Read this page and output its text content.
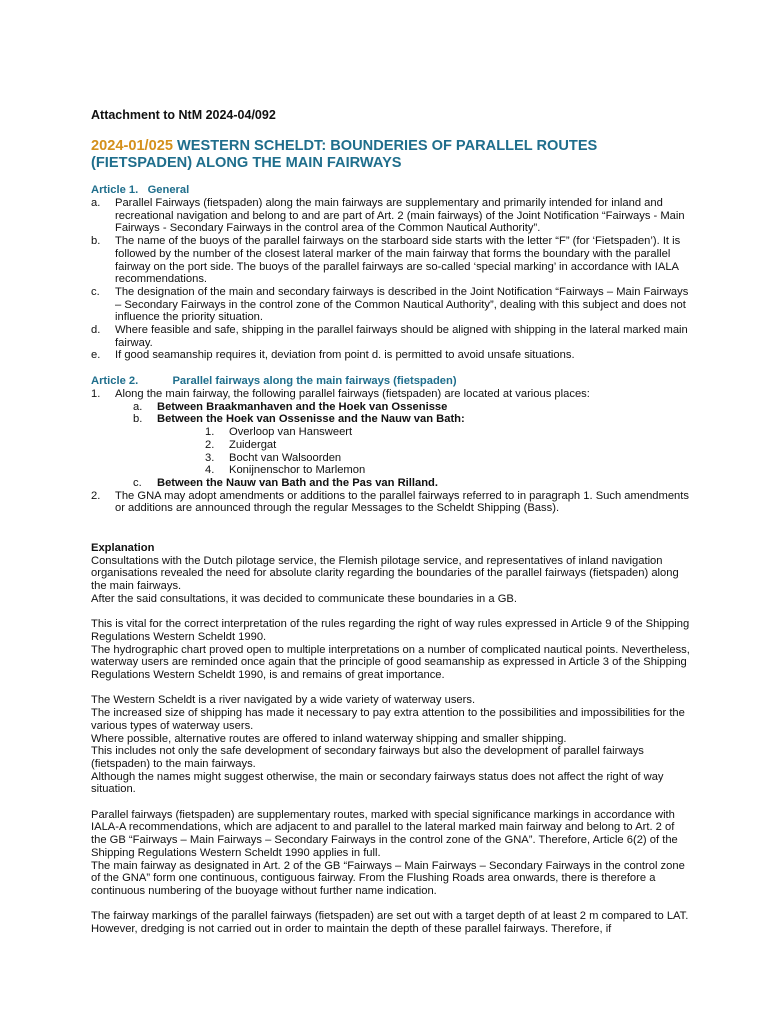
Attachment to NtM 2024-04/092
2024-01/025 WESTERN SCHELDT: BOUNDERIES OF PARALLEL ROUTES (FIETSPADEN) ALONG THE MAIN FAIRWAYS
Article 1.   General
a. Parallel Fairways (fietspaden) along the main fairways are supplementary and primarily intended for inland and recreational navigation and belong to and are part of Art. 2 (main fairways) of the Joint Notification “Fairways - Main Fairways - Secondary Fairways in the control area of the Common Nautical Authority”.
b. The name of the buoys of the parallel fairways on the starboard side starts with the letter “F” (for ‘Fietspaden’). It is followed by the number of the closest lateral marker of the main fairway that forms the boundary with the parallel fairway on the port side. The buoys of the parallel fairways are so-called ‘special marking’ in accordance with IALA recommendations.
c. The designation of the main and secondary fairways is described in the Joint Notification “Fairways – Main Fairways – Secondary Fairways in the control zone of the Common Nautical Authority”, dealing with this subject and does not influence the priority situation.
d. Where feasible and safe, shipping in the parallel fairways should be aligned with shipping in the lateral marked main fairway.
e. If good seamanship requires it, deviation from point d. is permitted to avoid unsafe situations.
Article 2.           Parallel fairways along the main fairways (fietspaden)
1. Along the main fairway, the following parallel fairways (fietspaden) are located at various places:
a. Between Braakmanhaven and the Hoek van Ossenisse
b. Between the Hoek van Ossenisse and the Nauw van Bath:
1. Overloop van Hansweert
2. Zuidergat
3. Bocht van Walsoorden
4. Konijnenschor to Marlemon
c. Between the Nauw van Bath and the Pas van Rilland.
2. The GNA may adopt amendments or additions to the parallel fairways referred to in paragraph 1. Such amendments or additions are announced through the regular Messages to the Scheldt Shipping (Bass).
Explanation
Consultations with the Dutch pilotage service, the Flemish pilotage service, and representatives of inland navigation organisations revealed the need for absolute clarity regarding the boundaries of the parallel fairways (fietspaden) along the main fairways.
After the said consultations, it was decided to communicate these boundaries in a GB.
This is vital for the correct interpretation of the rules regarding the right of way rules expressed in Article 9 of the Shipping Regulations Western Scheldt 1990.
The hydrographic chart proved open to multiple interpretations on a number of complicated nautical points. Nevertheless, waterway users are reminded once again that the principle of good seamanship as expressed in Article 3 of the Shipping Regulations Western Scheldt 1990, is and remains of great importance.
The Western Scheldt is a river navigated by a wide variety of waterway users.
The increased size of shipping has made it necessary to pay extra attention to the possibilities and impossibilities for the various types of waterway users.
Where possible, alternative routes are offered to inland waterway shipping and smaller shipping.
This includes not only the safe development of secondary fairways but also the development of parallel fairways (fietspaden) to the main fairways.
Although the names might suggest otherwise, the main or secondary fairways status does not affect the right of way situation.
Parallel fairways (fietspaden) are supplementary routes, marked with special significance markings in accordance with IALA-A recommendations, which are adjacent to and parallel to the lateral marked main fairway and belong to Art. 2 of the GB “Fairways – Main Fairways – Secondary Fairways in the control zone of the GNA”. Therefore, Article 6(2) of the Shipping Regulations Western Scheldt 1990 applies in full.
The main fairway as designated in Art. 2 of the GB “Fairways – Main Fairways – Secondary Fairways in the control zone of the GNA” form one continuous, contiguous fairway. From the Flushing Roads area onwards, there is therefore a continuous numbering of the buoyage without further name indication.
The fairway markings of the parallel fairways (fietspaden) are set out with a target depth of at least 2 m compared to LAT. However, dredging is not carried out in order to maintain the depth of these parallel fairways. Therefore, if
